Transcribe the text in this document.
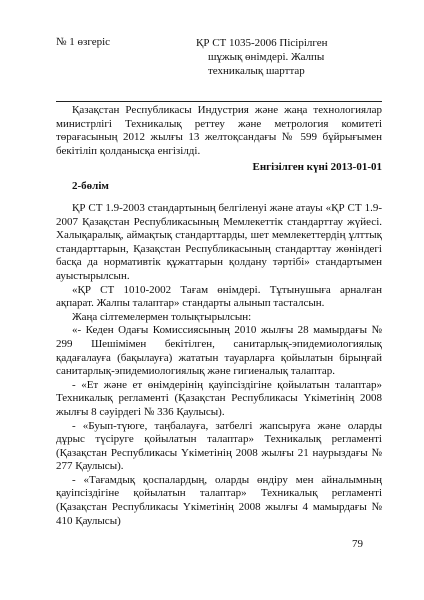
№ 1 өзгеріс	ҚР СТ 1035-2006 Пісірілген
шұжық өнімдері. Жалпы
техникалық шарттар
Қазақстан Республикасы Индустрия және жаңа технологиялар министрлігі Техникалық реттеу және метрология комитеті төрағасының 2012 жылғы 13 желтоқсандағы № 599 бұйрығымен бекітіліп қолданысқа енгізілді.
Енгізілген күні 2013-01-01
2-бөлім

ҚР СТ 1.9-2003 стандартының белгіленуі және атауы «ҚР СТ 1.9-2007 Қазақстан Республикасының Мемлекеттік стандарттау жүйесі. Халықаралық, аймақтық стандарттарды, шет мемлекеттердің ұлттық стандарттарын, Қазақстан Республикасының стандарттау жөніндегі басқа да нормативтік құжаттарын қолдану тәртібі» стандартымен ауыстырылсын.

«ҚР СТ 1010-2002 Тағам өнімдері. Тұтынушыға арналған ақпарат. Жалпы талаптар» стандарты алынып тасталсын.

Жаңа сілтемелермен толықтырылсын:

«- Кеден Одағы Комиссиясының 2010 жылғы 28 мамырдағы № 299 Шешімімен бекітілген, санитарлық-эпидемиологиялық қадағалауға (бақылауға) жататын тауарларға қойылатын бірыңғай санитарлық-эпидемиологиялық және гигиеналық талаптар.

- «Ет және ет өнімдерінің қауіпсіздігіне қойылатын талаптар» Техникалық регламенті (Қазақстан Республикасы Үкіметінің 2008 жылғы 8 сәуірдегі № 336 Қаулысы).

- «Буып-түюге, таңбалауға, затбелгі жапсыруға және оларды дұрыс түсіруге қойылатын талаптар» Техникалық регламенті (Қазақстан Республикасы Үкіметінің 2008 жылғы 21 наурыздағы № 277 Қаулысы).

- «Тағамдық қоспалардың, оларды өндіру мен айналымның қауіпсіздігіне қойылатын талаптар» Техникалық регламенті (Қазақстан Республикасы Үкіметінің 2008 жылғы 4 мамырдағы № 410 Қаулысы)

79
